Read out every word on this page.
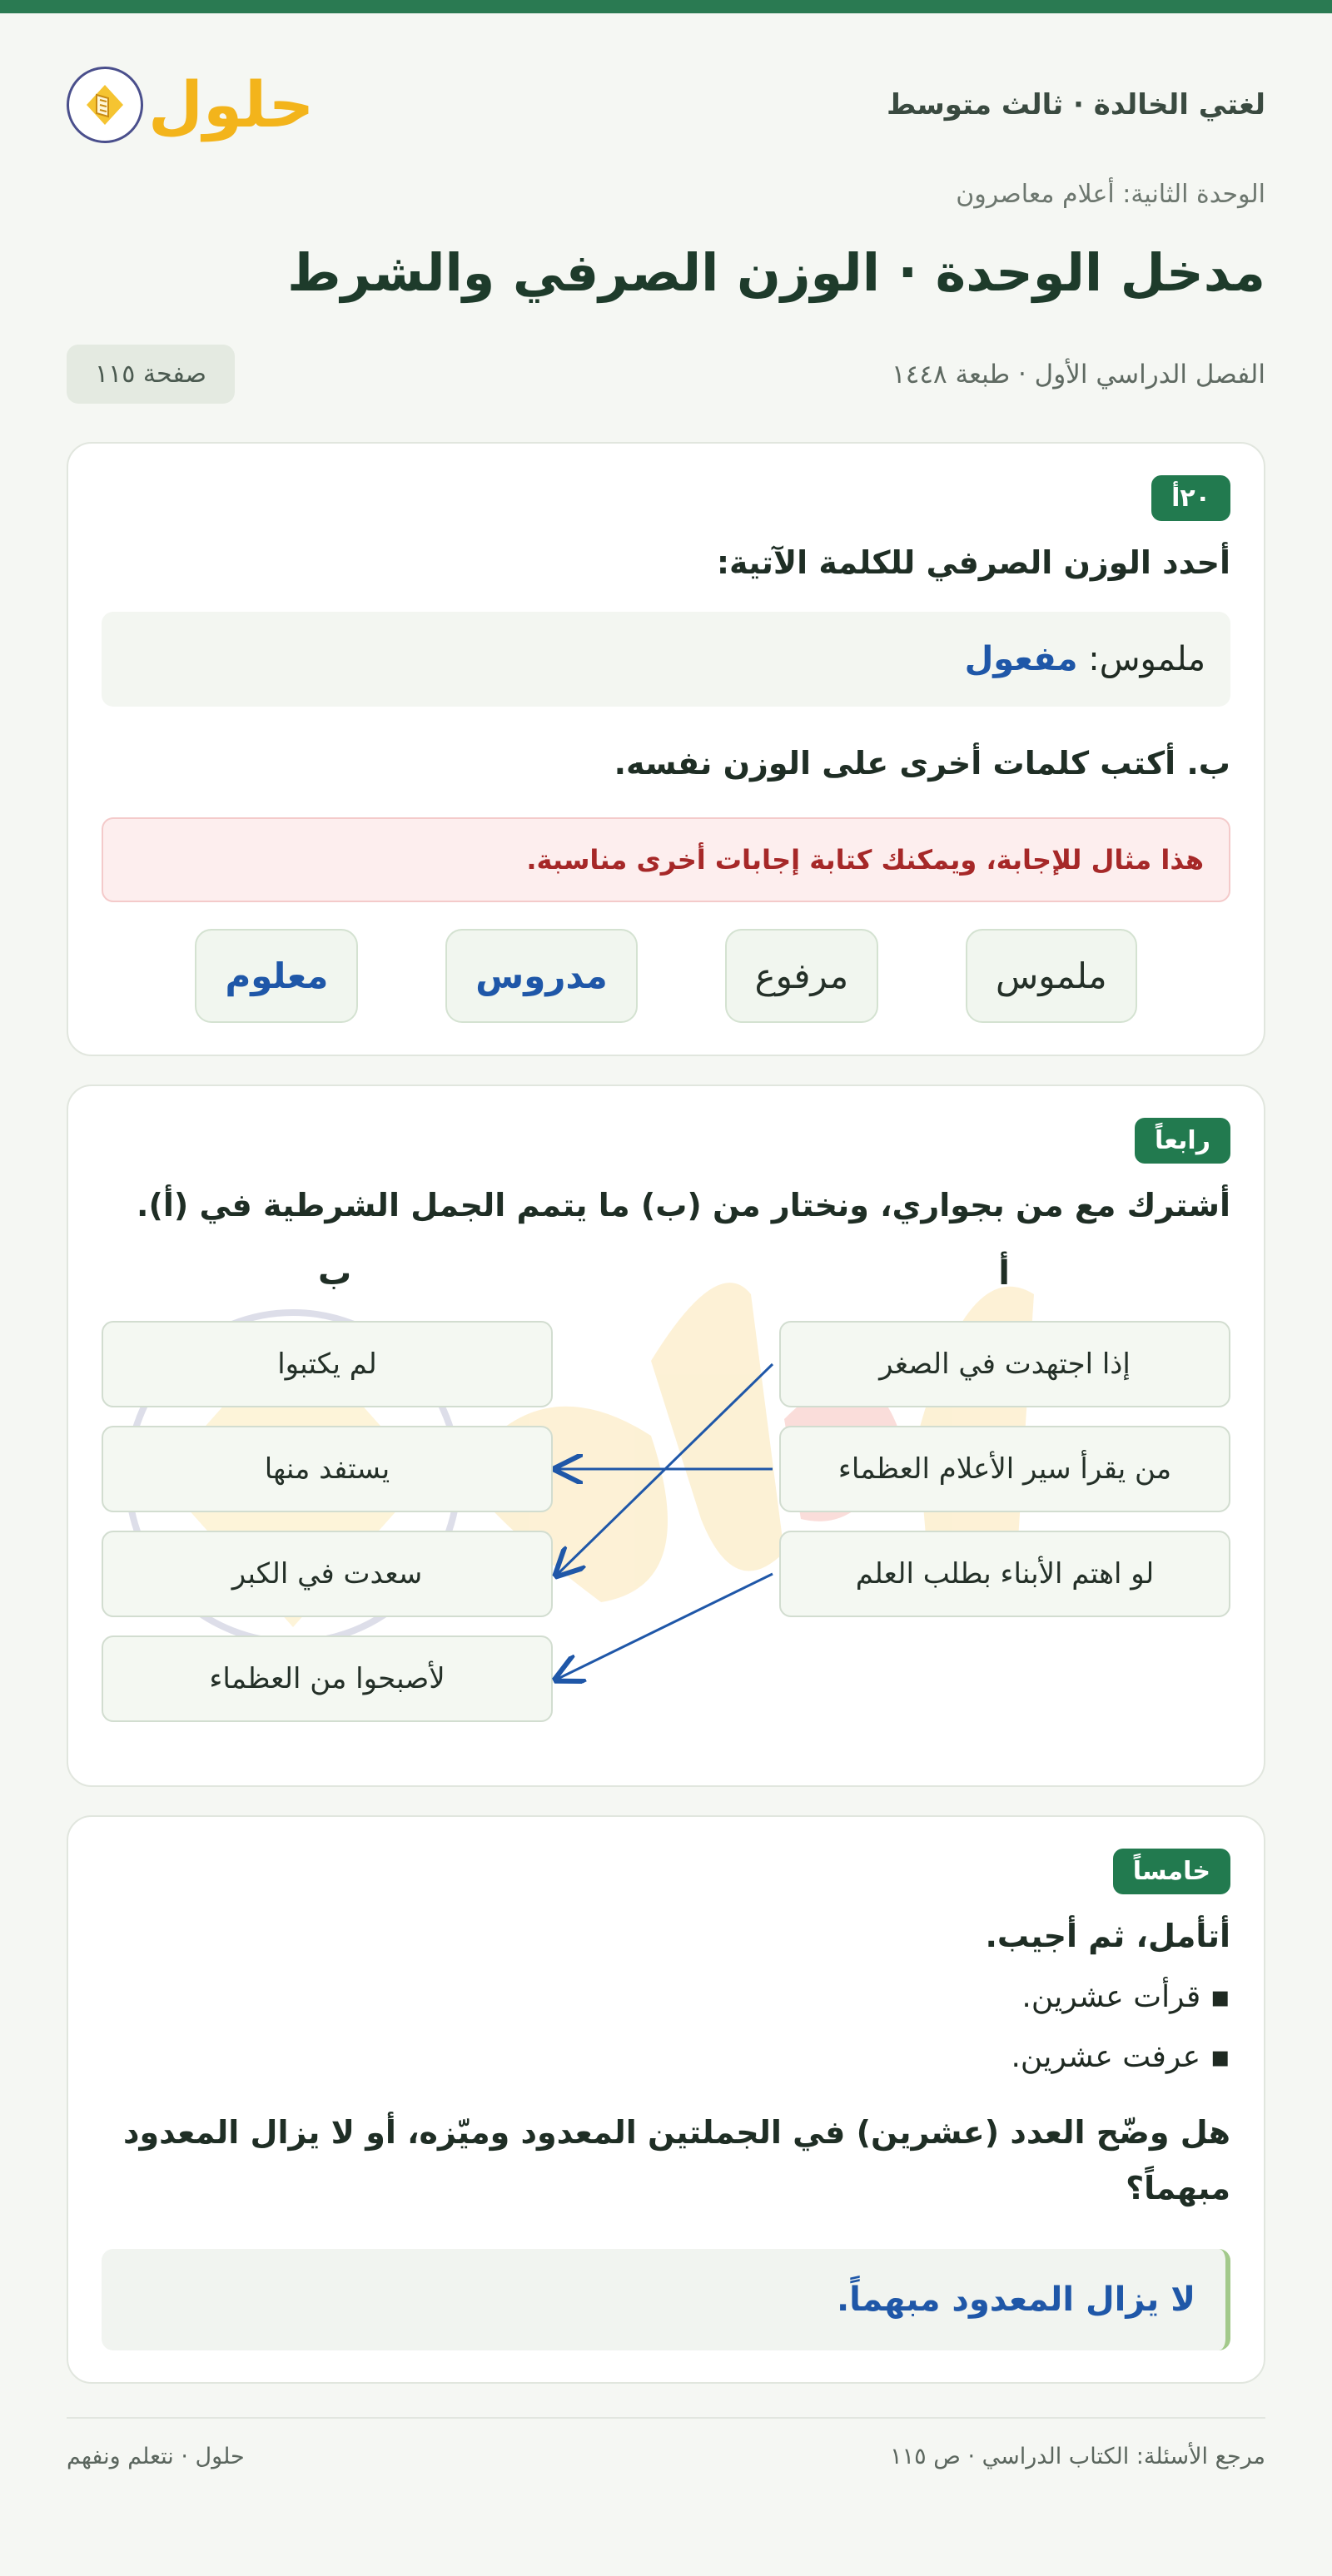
حلول	لغتي الخالدة · ثالث متوسط
الوحدة الثانية: أعلام معاصرون
مدخل الوحدة · الوزن الصرفي والشرط
الفصل الدراسي الأول · طبعة ١٤٤٨
صفحة ١١٥
٢٠أ
أحدد الوزن الصرفي للكلمة الآتية:
ملموس: مفعول
ب. أكتب كلمات أخرى على الوزن نفسه.
هذا مثال للإجابة، ويمكنك كتابة إجابات أخرى مناسبة.
ملموس
مرفوع
مدروس
معلوم
رابعاً
أشترك مع من بجواري، ونختار من (ب) ما يتمم الجمل الشرطية في (أ).
أ
ب
إذا اجتهدت في الصغر
من يقرأ سير الأعلام العظماء
لو اهتم الأبناء بطلب العلم
لم يكتبوا
يستفد منها
سعدت في الكبر
لأصبحوا من العظماء
خامساً
أتأمل، ثم أجيب.
▪ قرأت عشرين.
▪ عرفت عشرين.
هل وضّح العدد (عشرين) في الجملتين المعدود وميّزه، أو لا يزال المعدود مبهماً؟
لا يزال المعدود مبهماً.
مرجع الأسئلة: الكتاب الدراسي · ص ١١٥
حلول · نتعلم ونفهم
